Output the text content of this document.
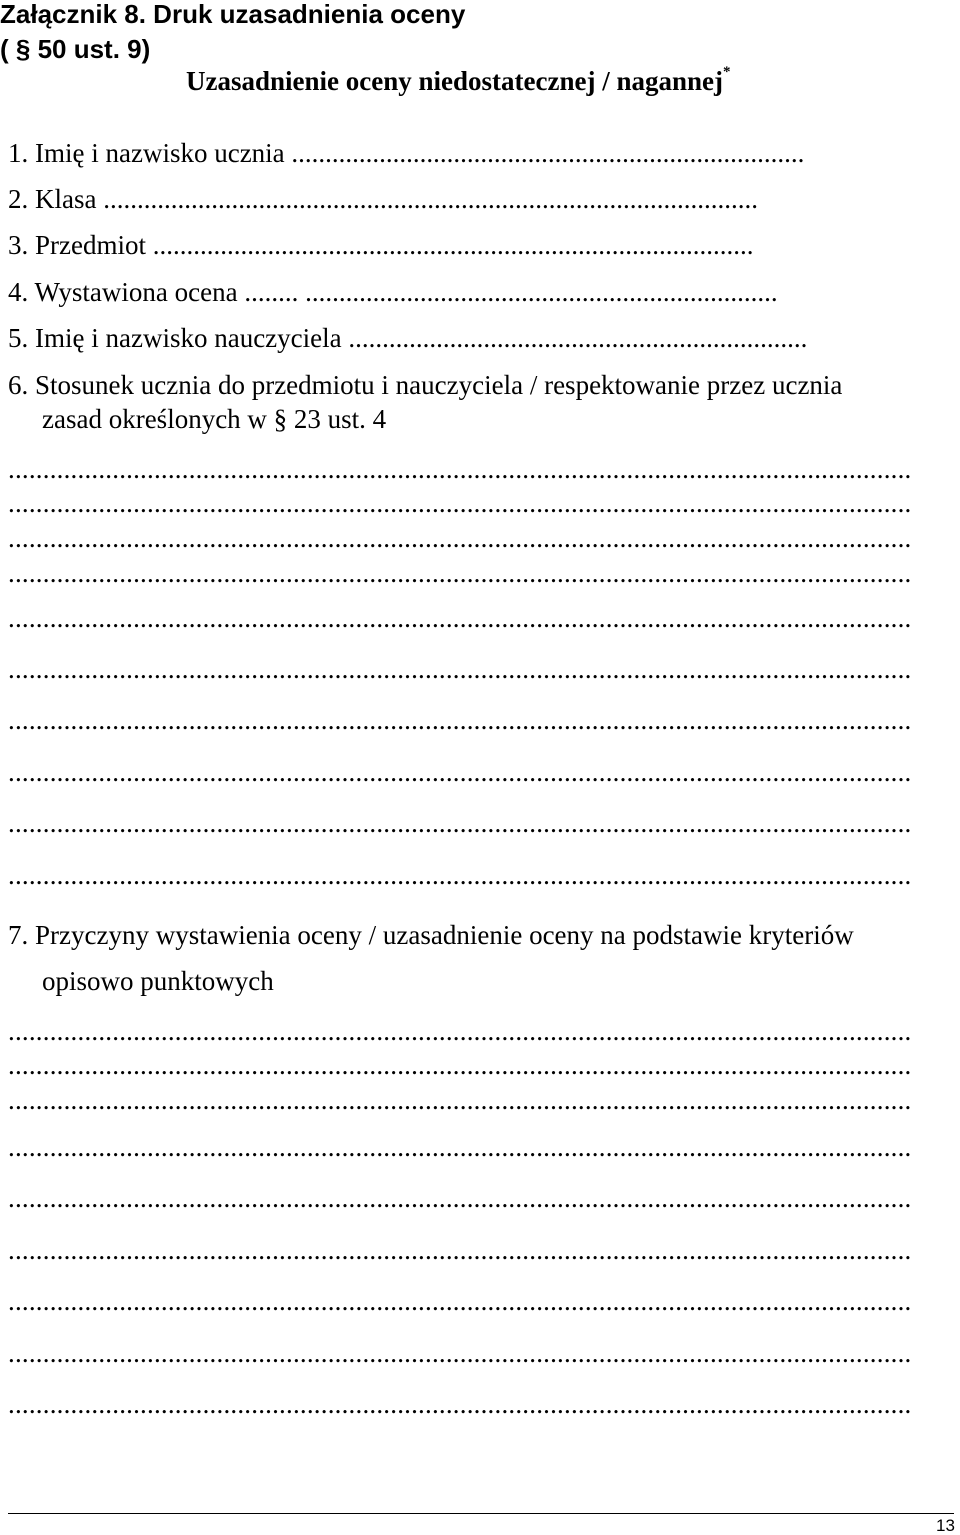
Załącznik 8. Druk uzasadnienia oceny
( § 50 ust. 9)
Uzasadnienie oceny niedostatecznej / nagannej*
1. Imię i nazwisko ucznia ............................................................................
2. Klasa .................................................................................................
3. Przedmiot .........................................................................................
4. Wystawiona ocena ........ ......................................................................
5. Imię i nazwisko nauczyciela ....................................................................
6. Stosunek ucznia do przedmiotu i nauczyciela / respektowanie przez ucznia
zasad określonych w § 23 ust. 4
..................................................................................................................................
..................................................................................................................................
..................................................................................................................................
..................................................................................................................................
..................................................................................................................................
..................................................................................................................................
..................................................................................................................................
..................................................................................................................................
..................................................................................................................................
..................................................................................................................................
7. Przyczyny wystawienia oceny / uzasadnienie oceny na podstawie kryteriów
opisowo punktowych
..................................................................................................................................
..................................................................................................................................
..................................................................................................................................
..................................................................................................................................
..................................................................................................................................
..................................................................................................................................
..................................................................................................................................
..................................................................................................................................
..................................................................................................................................
13
